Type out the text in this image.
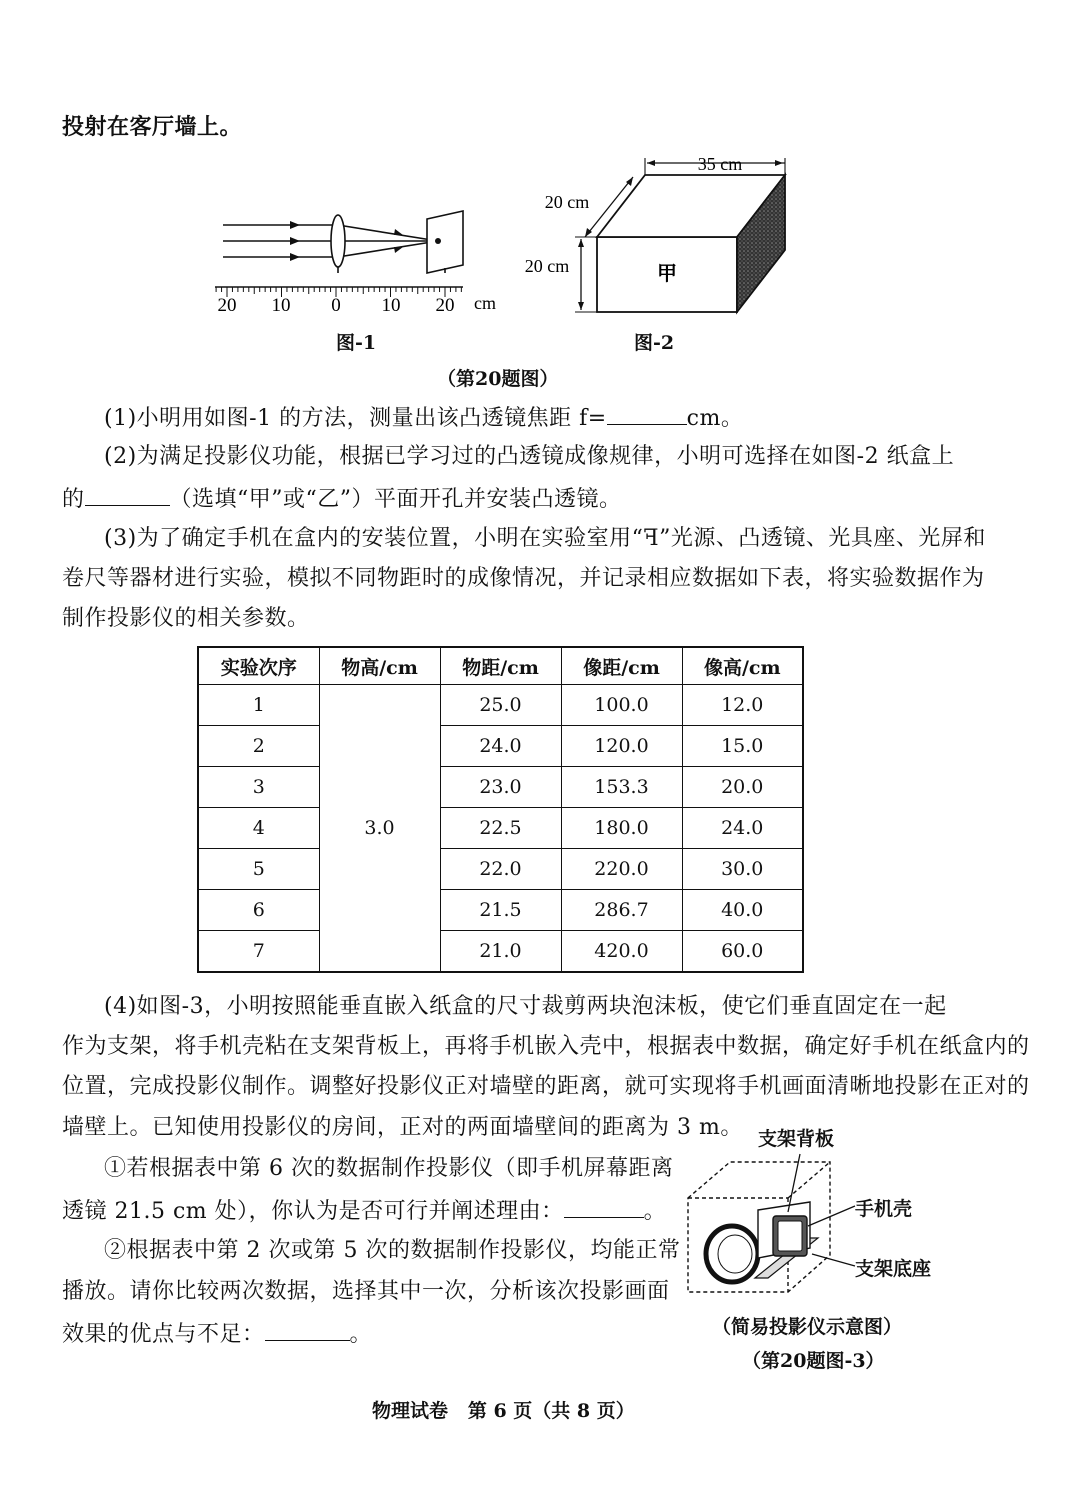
投射在客厅墙上。
20 10 0 10 20 cm
图-1
35 cm
20 cm
20 cm	甲
图-2
（第20题图）
(1)小明用如图-1 的方法，测量出该凸透镜焦距 f=	cm。
(2)为满足投影仪功能，根据已学习过的凸透镜成像规律，小明可选择在如图-2 纸盒上
的	（选填“甲”或“乙”）平面开孔并安装凸透镜。
(3)为了确定手机在盒内的安装位置，小明在实验室用“ꟻ”光源、凸透镜、光具座、光屏和
卷尺等器材进行实验，模拟不同物距时的成像情况，并记录相应数据如下表，将实验数据作为
制作投影仪的相关参数。
实验次序	物高/cm	物距/cm	像距/cm	像高/cm
1	3.0	25.0	100.0	12.0
2		24.0	120.0	15.0
3		23.0	153.3	20.0
4		22.5	180.0	24.0
5		22.0	220.0	30.0
6		21.5	286.7	40.0
7		21.0	420.0	60.0
(4)如图-3，小明按照能垂直嵌入纸盒的尺寸裁剪两块泡沫板，使它们垂直固定在一起
作为支架，将手机壳粘在支架背板上，再将手机嵌入壳中，根据表中数据，确定好手机在纸盒内的
位置，完成投影仪制作。调整好投影仪正对墙壁的距离，就可实现将手机画面清晰地投影在正对的
墙壁上。已知使用投影仪的房间，正对的两面墙壁间的距离为 3 m。
①若根据表中第 6 次的数据制作投影仪（即手机屏幕距离
透镜 21.5 cm 处），你认为是否可行并阐述理由：	。
②根据表中第 2 次或第 5 次的数据制作投影仪，均能正常
播放。请你比较两次数据，选择其中一次，分析该次投影画面
效果的优点与不足：	。
支架背板
手机壳
支架底座
（简易投影仪示意图）
（第20题图-3）
物理试卷   第 6 页（共 8 页）
